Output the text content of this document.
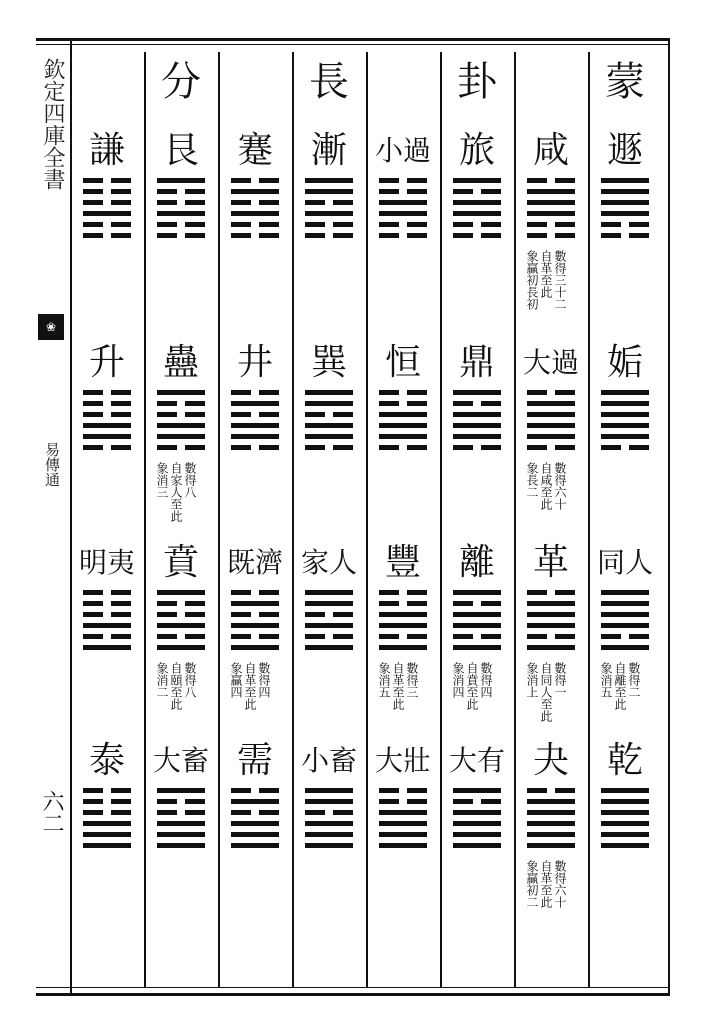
欽定四庫全書
❀
易傳通
六二
蒙
遯
姤
同人
數得二
自離至此
象消五
乾
咸
數得三十二
自革至此
象贏初長初
大過
數得六十
自咸至此
象長二
革
數得一
自同人至此
象消上
夬
數得六十
自革至此
象贏初二
卦
旅
鼎
離
數得四
自賁至此
象消四
大有
小過
恒
豐
數得三
自革至此
象消五
大壯
長
漸
巽
家人
小畜
蹇
井
既濟
數得四
自革至此
象贏四
需
分
艮
蠱
數得八
自家人至此
象消三
賁
數得八
自頤至此
象消二
大畜
謙
升
明夷
泰
